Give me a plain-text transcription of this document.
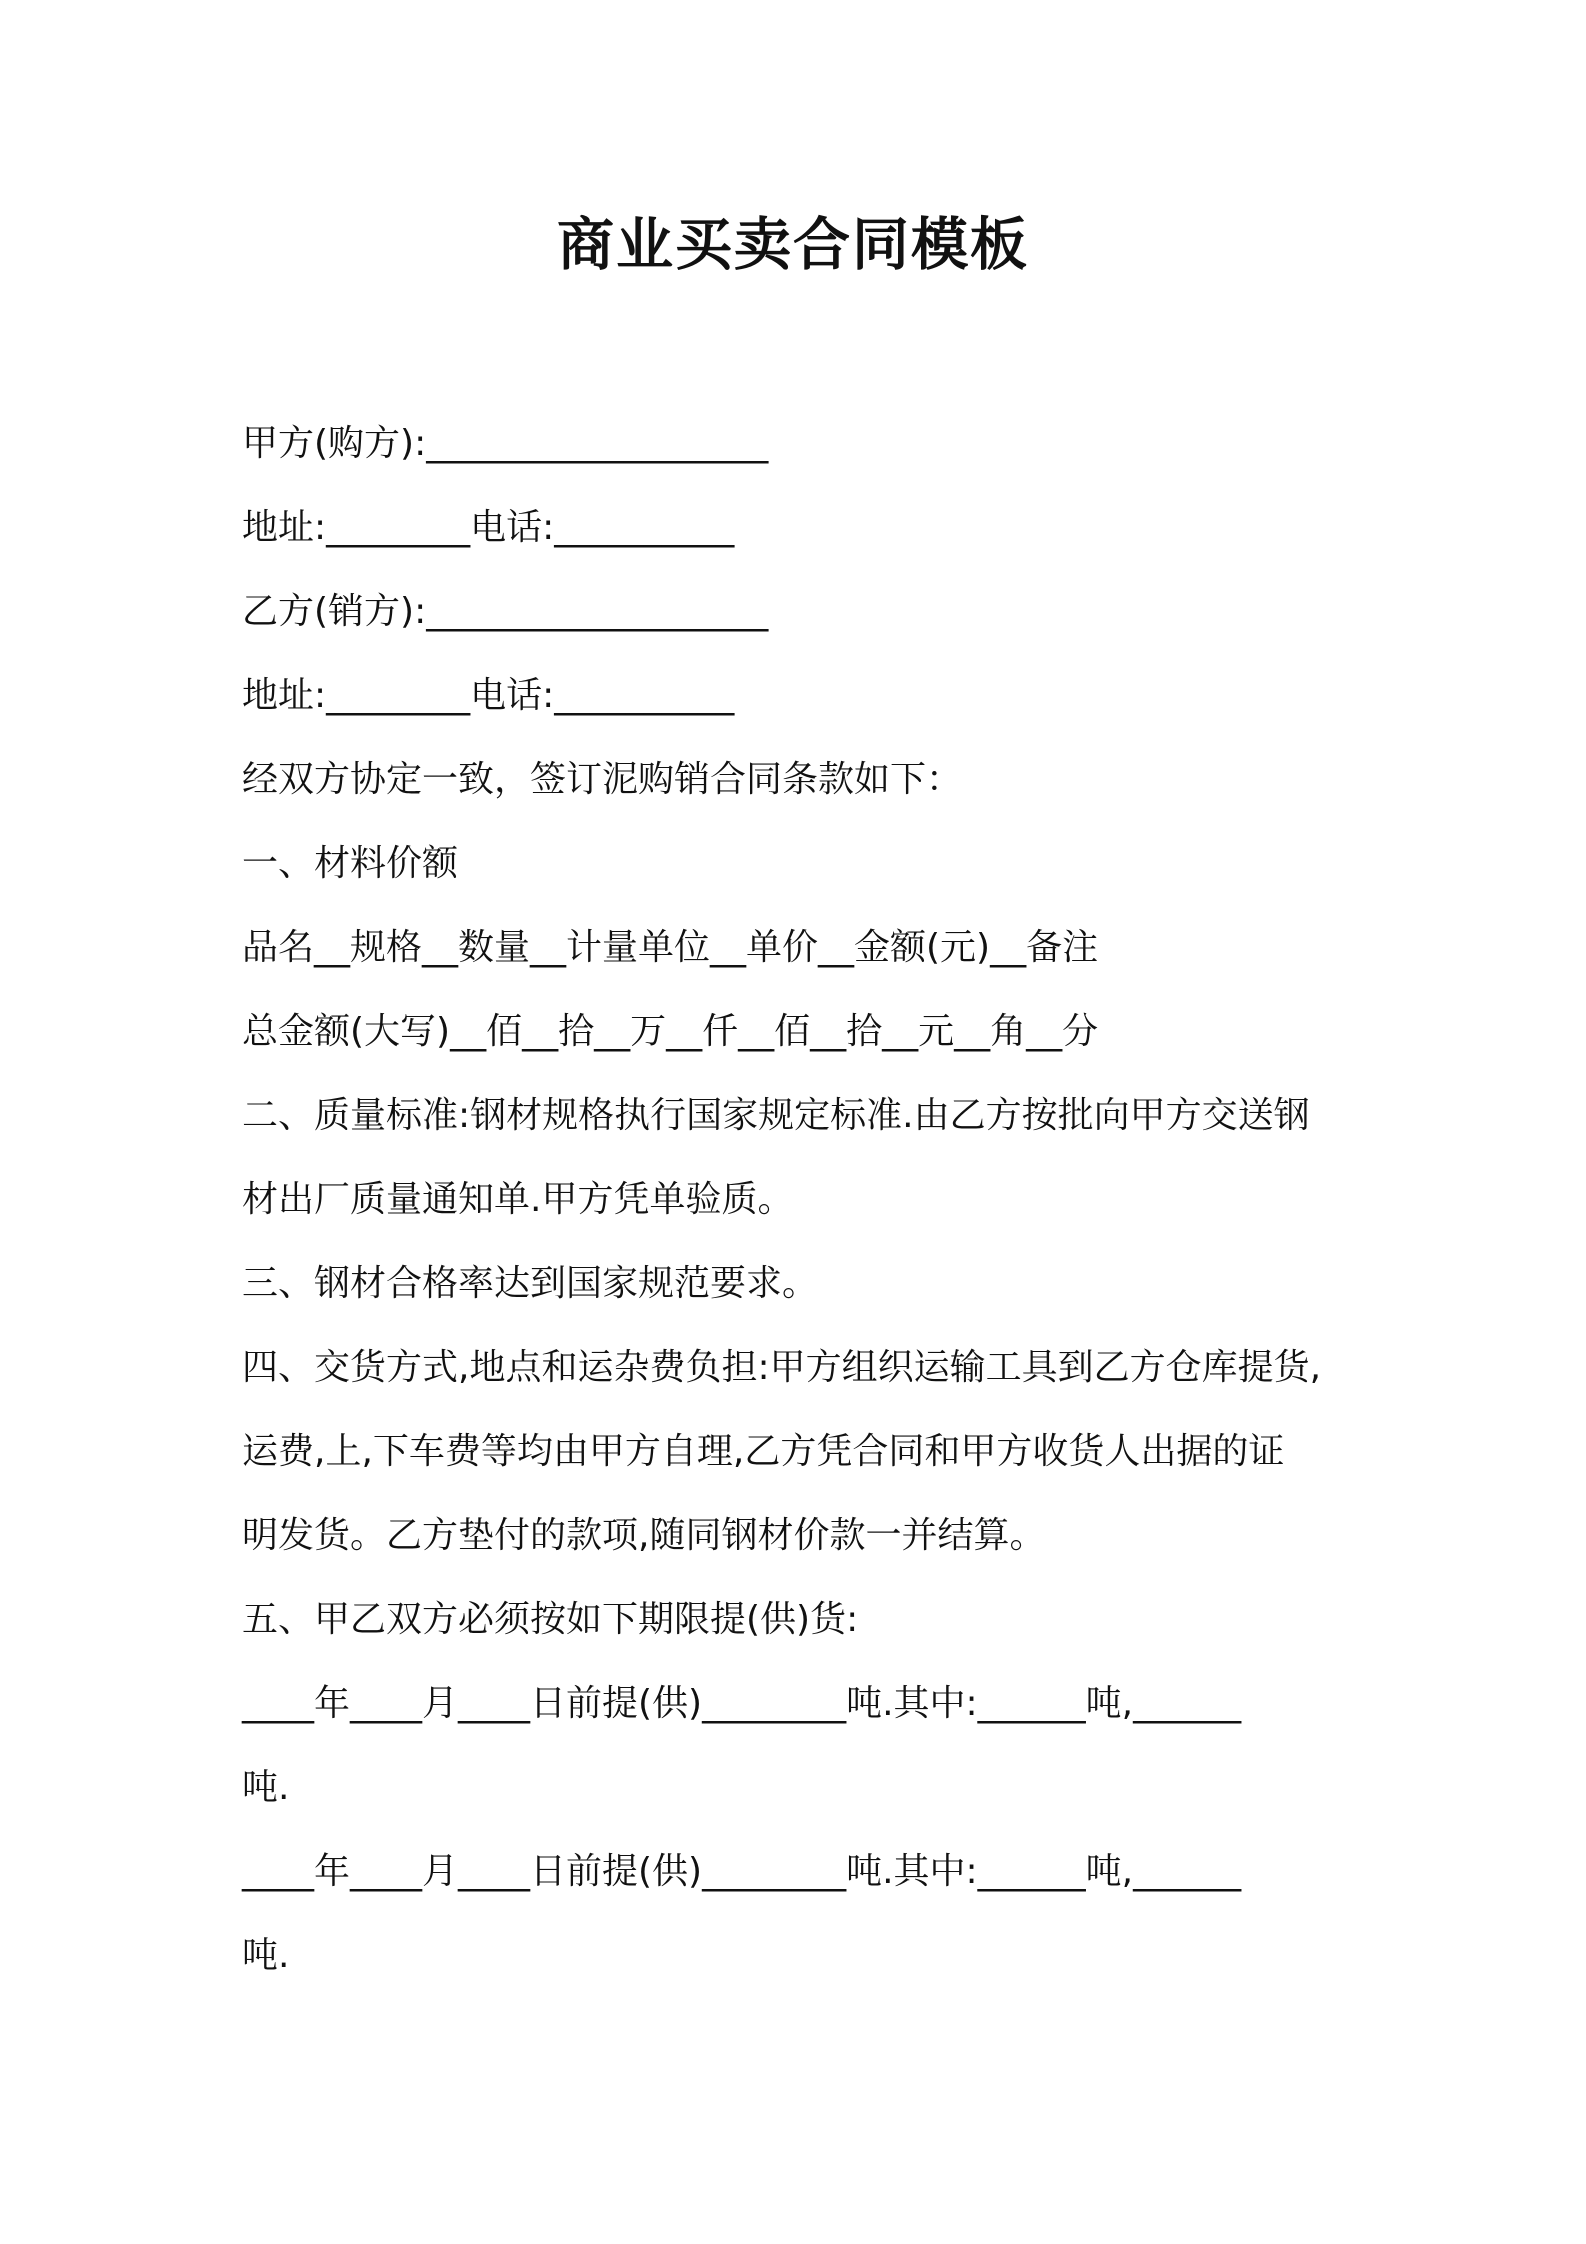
商业买卖合同模板

甲方(购方):___________________

地址:________电话:__________

乙方(销方):___________________

地址:________电话:__________

经双方协定一致，签订泥购销合同条款如下：

一、材料价额

品名__规格__数量__计量单位__单价__金额(元)__备注

总金额(大写)__佰__拾__万__仟__佰__拾__元__角__分

二、质量标准:钢材规格执行国家规定标准.由乙方按批向甲方交送钢

材出厂质量通知单.甲方凭单验质。

三、钢材合格率达到国家规范要求。

四、交货方式,地点和运杂费负担:甲方组织运输工具到乙方仓库提货,

运费,上,下车费等均由甲方自理,乙方凭合同和甲方收货人出据的证

明发货。乙方垫付的款项,随同钢材价款一并结算。

五、甲乙双方必须按如下期限提(供)货:

____年____月____日前提(供)________吨.其中:______吨,______

吨.

____年____月____日前提(供)________吨.其中:______吨,______

吨.
